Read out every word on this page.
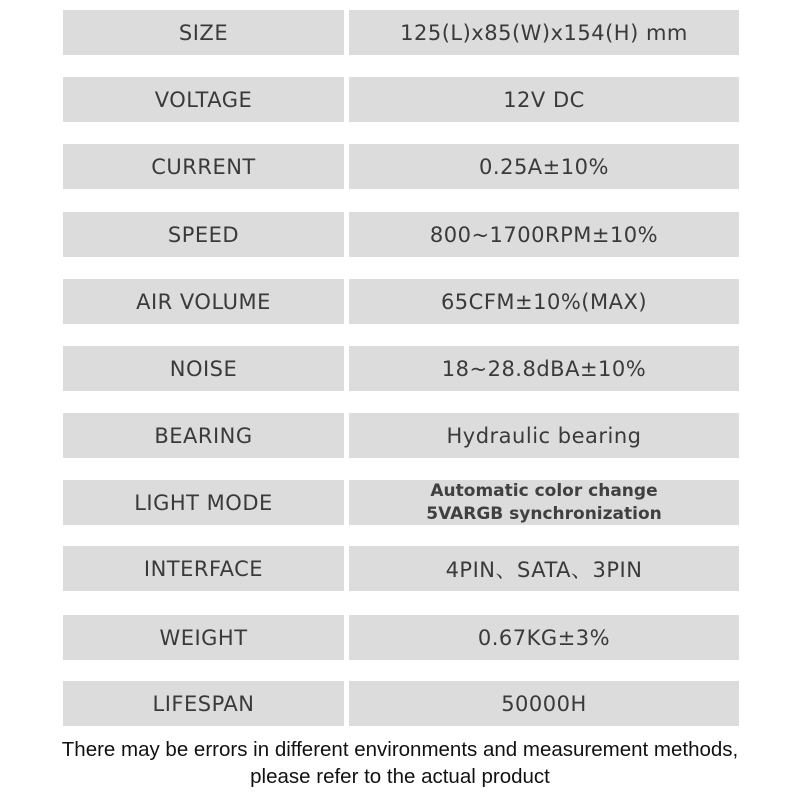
SIZE	125(L)x85(W)x154(H) mm
VOLTAGE	12V DC
CURRENT	0.25A±10%
SPEED	800~1700RPM±10%
AIR VOLUME	65CFM±10%(MAX)
NOISE	18~28.8dBA±10%
BEARING	Hydraulic bearing
LIGHT MODE	Automatic color change
5VARGB synchronization
INTERFACE	4PIN、SATA、3PIN
WEIGHT	0.67KG±3%
LIFESPAN	50000H
There may be errors in different environments and measurement methods,
please refer to the actual product
